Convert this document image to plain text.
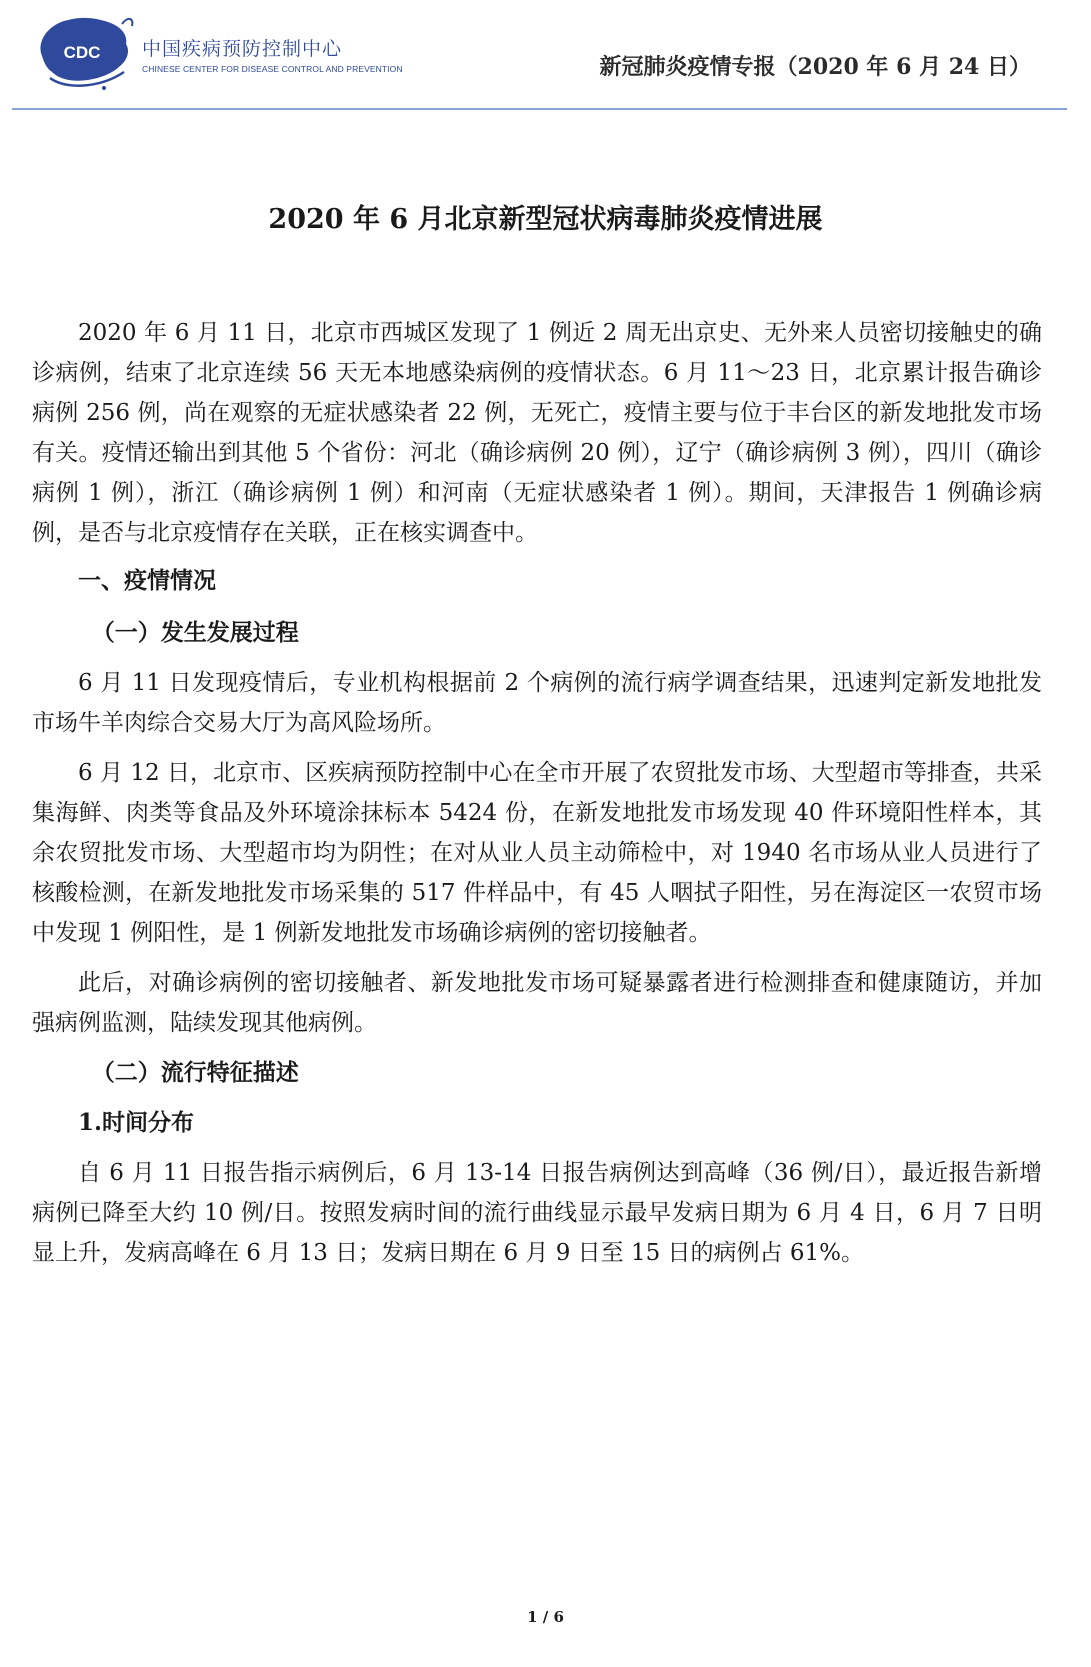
CDC 中国疾病预防控制中心
CHINESE CENTER FOR DISEASE CONTROL AND PREVENTION	新冠肺炎疫情专报（2020 年 6 月 24 日）
2020 年 6 月北京新型冠状病毒肺炎疫情进展

2020 年 6 月 11 日，北京市西城区发现了 1 例近 2 周无出京史、无外来人员密切接触史的确诊病例，结束了北京连续 56 天无本地感染病例的疫情状态。6 月 11～23 日，北京累计报告确诊病例 256 例，尚在观察的无症状感染者 22 例，无死亡，疫情主要与位于丰台区的新发地批发市场有关。疫情还输出到其他 5 个省份：河北（确诊病例 20 例），辽宁（确诊病例 3 例），四川（确诊病例 1 例），浙江（确诊病例 1 例）和河南（无症状感染者 1 例）。期间，天津报告 1 例确诊病例，是否与北京疫情存在关联，正在核实调查中。

一、疫情情况
（一）发生发展过程

6 月 11 日发现疫情后，专业机构根据前 2 个病例的流行病学调查结果，迅速判定新发地批发市场牛羊肉综合交易大厅为高风险场所。

6 月 12 日，北京市、区疾病预防控制中心在全市开展了农贸批发市场、大型超市等排查，共采集海鲜、肉类等食品及外环境涂抹标本 5424 份，在新发地批发市场发现 40 件环境阳性样本，其余农贸批发市场、大型超市均为阴性；在对从业人员主动筛检中，对 1940 名市场从业人员进行了核酸检测，在新发地批发市场采集的 517 件样品中，有 45 人咽拭子阳性，另在海淀区一农贸市场中发现 1 例阳性，是 1 例新发地批发市场确诊病例的密切接触者。

此后，对确诊病例的密切接触者、新发地批发市场可疑暴露者进行检测排查和健康随访，并加强病例监测，陆续发现其他病例。

（二）流行特征描述
1.时间分布

自 6 月 11 日报告指示病例后，6 月 13-14 日报告病例达到高峰（36 例/日），最近报告新增病例已降至大约 10 例/日。按照发病时间的流行曲线显示最早发病日期为 6 月 4 日，6 月 7 日明显上升，发病高峰在 6 月 13 日；发病日期在 6 月 9 日至 15 日的病例占 61%。

1 / 6
